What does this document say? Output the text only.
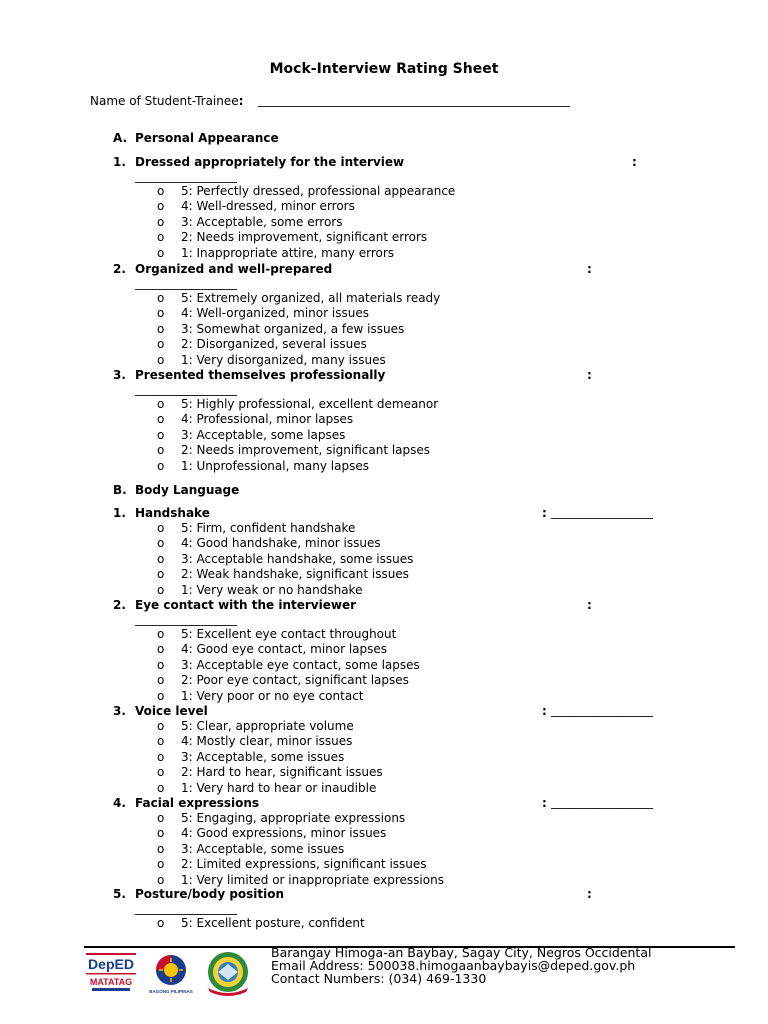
Mock-Interview Rating Sheet
Name of Student-Trainee: ____________________________________________________
A. Personal Appearance
1. Dressed appropriately for the interview	:
_________________
o 5: Perfectly dressed, professional appearance
o 4: Well-dressed, minor errors
o 3: Acceptable, some errors
o 2: Needs improvement, significant errors
o 1: Inappropriate attire, many errors
2. Organized and well-prepared	:
_________________
o 5: Extremely organized, all materials ready
o 4: Well-organized, minor issues
o 3: Somewhat organized, a few issues
o 2: Disorganized, several issues
o 1: Very disorganized, many issues
3. Presented themselves professionally	:
_________________
o 5: Highly professional, excellent demeanor
o 4: Professional, minor lapses
o 3: Acceptable, some lapses
o 2: Needs improvement, significant lapses
o 1: Unprofessional, many lapses
B. Body Language
1. Handshake	: _________________
o 5: Firm, confident handshake
o 4: Good handshake, minor issues
o 3: Acceptable handshake, some issues
o 2: Weak handshake, significant issues
o 1: Very weak or no handshake
2. Eye contact with the interviewer	:
_________________
o 5: Excellent eye contact throughout
o 4: Good eye contact, minor lapses
o 3: Acceptable eye contact, some lapses
o 2: Poor eye contact, significant lapses
o 1: Very poor or no eye contact
3. Voice level	: _________________
o 5: Clear, appropriate volume
o 4: Mostly clear, minor issues
o 3: Acceptable, some issues
o 2: Hard to hear, significant issues
o 1: Very hard to hear or inaudible
4. Facial expressions	: _________________
o 5: Engaging, appropriate expressions
o 4: Good expressions, minor issues
o 3: Acceptable, some issues
o 2: Limited expressions, significant issues
o 1: Very limited or inappropriate expressions
5. Posture/body position	:
_________________
o 5: Excellent posture, confident
DepED
MATATAG
BAGONG PILIPINAS
Barangay Himoga-an Baybay, Sagay City, Negros Occidental
Email Address: 500038.himogaanbaybayis@deped.gov.ph
Contact Numbers: (034) 469-1330
